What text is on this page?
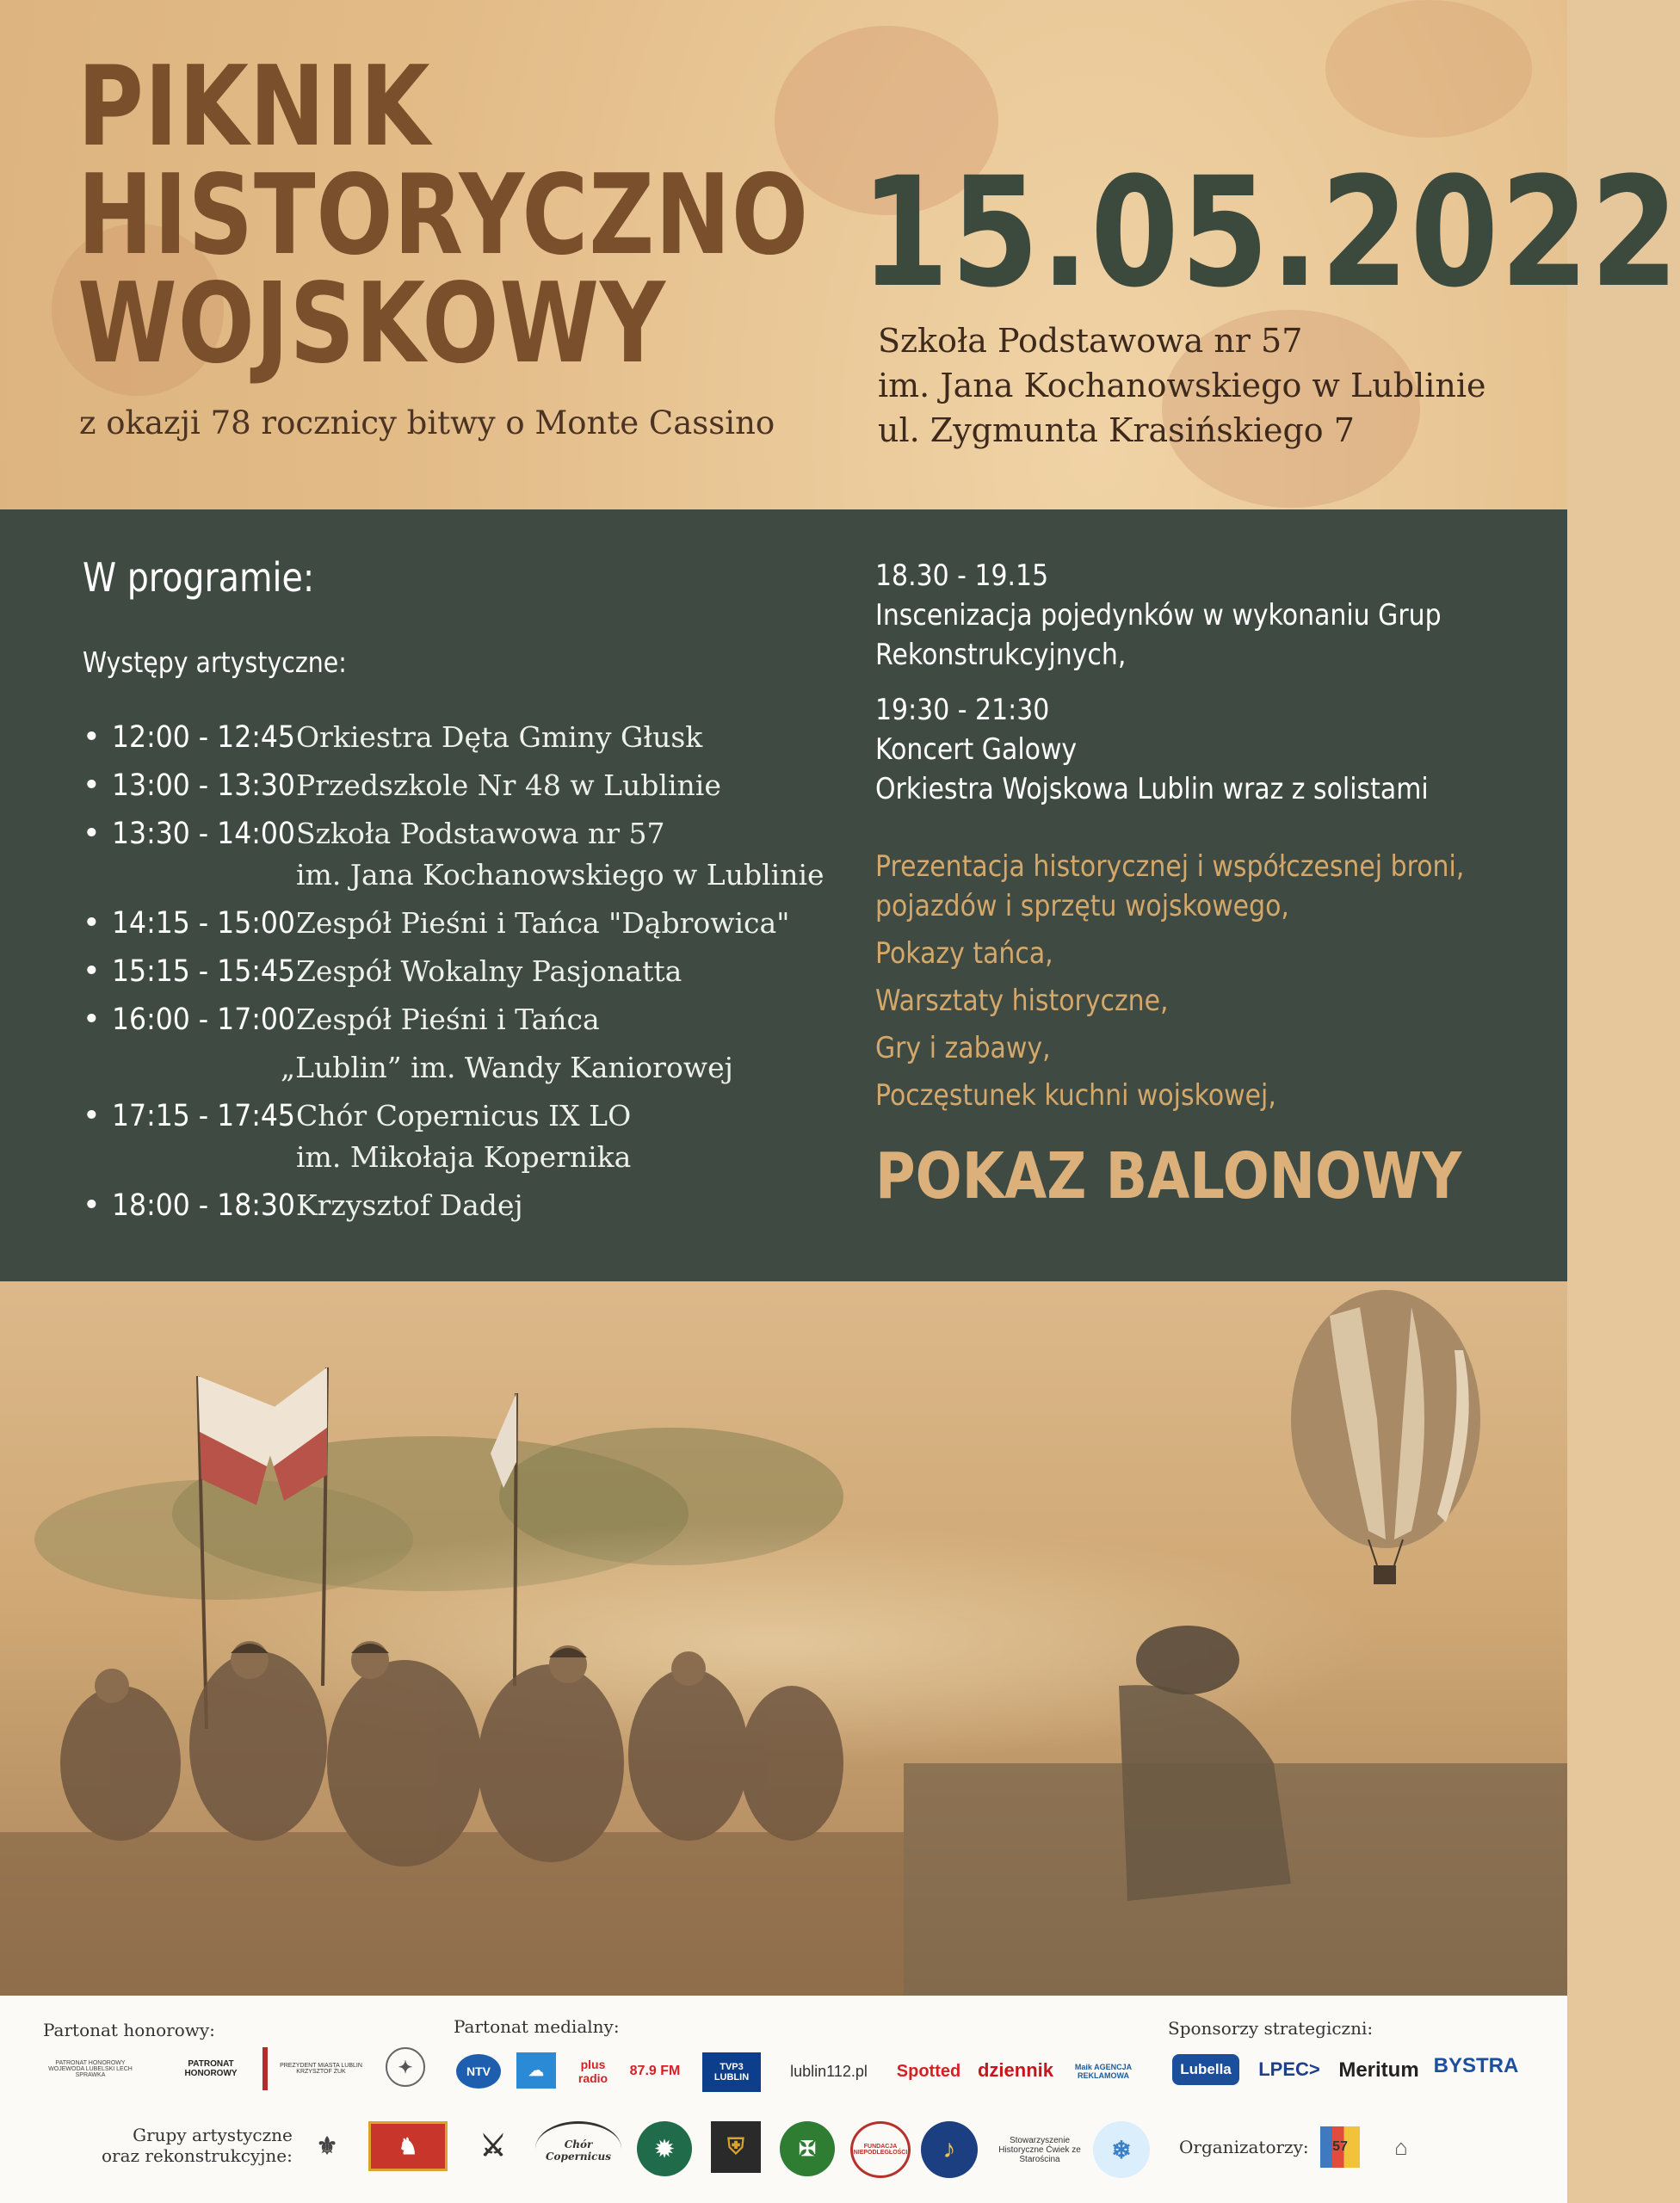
PIKNIK
HISTORYCZNO
WOJSKOWY
z okazji 78 rocznicy bitwy o Monte Cassino
15.05.2022
Szkoła Podstawowa nr 57
im. Jana Kochanowskiego w Lublinie
ul. Zygmunta Krasińskiego 7
W programie:
Występy artystyczne:
• 12:00 - 12:45 Orkiestra Dęta Gminy Głusk
• 13:00 - 13:30 Przedszkole Nr 48 w Lublinie
• 13:30 - 14:00 Szkoła Podstawowa nr 57
im. Jana Kochanowskiego w Lublinie
• 14:15 - 15:00 Zespół Pieśni i Tańca "Dąbrowica"
• 15:15 - 15:45 Zespół Wokalny Pasjonatta
• 16:00 - 17:00 Zespół Pieśni i Tańca
„Lublin” im. Wandy Kaniorowej
• 17:15 - 17:45 Chór Copernicus IX LO
im. Mikołaja Kopernika
• 18:00 - 18:30 Krzysztof Dadej
18.30 - 19.15
Inscenizacja pojedynków w wykonaniu Grup
Rekonstrukcyjnych,
19:30 - 21:30
Koncert Galowy
Orkiestra Wojskowa Lublin wraz z solistami
Prezentacja historycznej i współczesnej broni,
pojazdów i sprzętu wojskowego,
Pokazy tańca,
Warsztaty historyczne,
Gry i zabawy,
Poczęstunek kuchni wojskowej,
POKAZ BALONOWY
Partonat honorowy:	Partonat medialny:	Sponsorzy strategiczni:
Grupy artystyczne
oraz rekonstrukcyjne:	Organizatorzy:
PATRONAT HONOROWY WOJEWODA LUBELSKI LECH SPRAWKA
PATRONAT HONOROWY
PREZYDENT MIASTA LUBLIN KRZYSZTOF ŻUK	✦	NTV	☁	plus radio	87.9 FM	TVP3 LUBLIN	lublin112.pl Spotted dziennik	Maik AGENCJA REKLAMOWA	Lubella LPEC> Meritum BYSTRA
⚜	♞	⚔	Chór Copernicus	✹	⛨	✠	FUNDACJA NIEPODLEGŁOŚCI	♪	Stowarzyszenie Historyczne Ćwiek ze Starościna	❄	57	⌂
